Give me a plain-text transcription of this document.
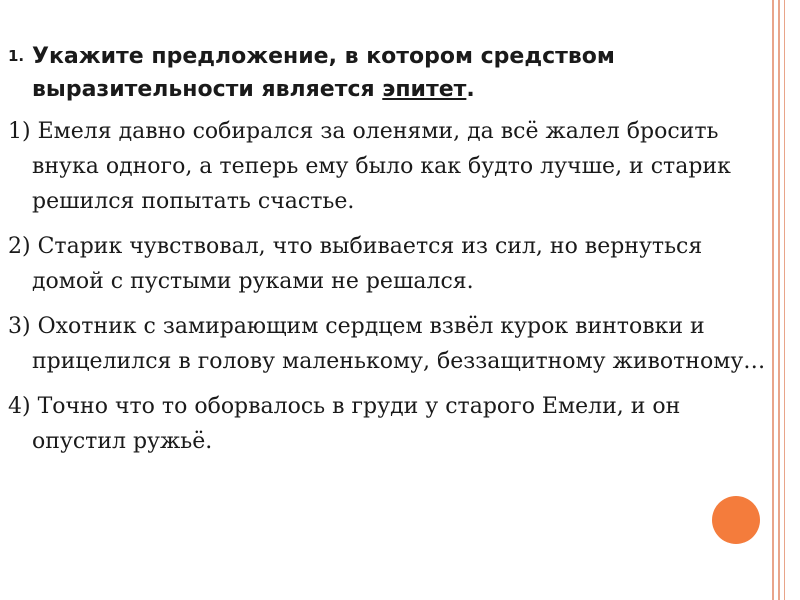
1. Укажите предложение, в котором средством выразительности является эпитет.

1) Емеля давно собирался за оленями, да всё жалел бросить внука одного, а теперь ему было как будто лучше, и старик решился попытать счастье.

2) Старик чувствовал, что выбивается из сил, но вернуться домой с пустыми руками не решался.

3) Охотник с замирающим сердцем взвёл курок винтовки и прицелился в голову маленькому, беззащитному животному…

4) Точно что то оборвалось в груди у старого Емели, и он опустил ружьё.
